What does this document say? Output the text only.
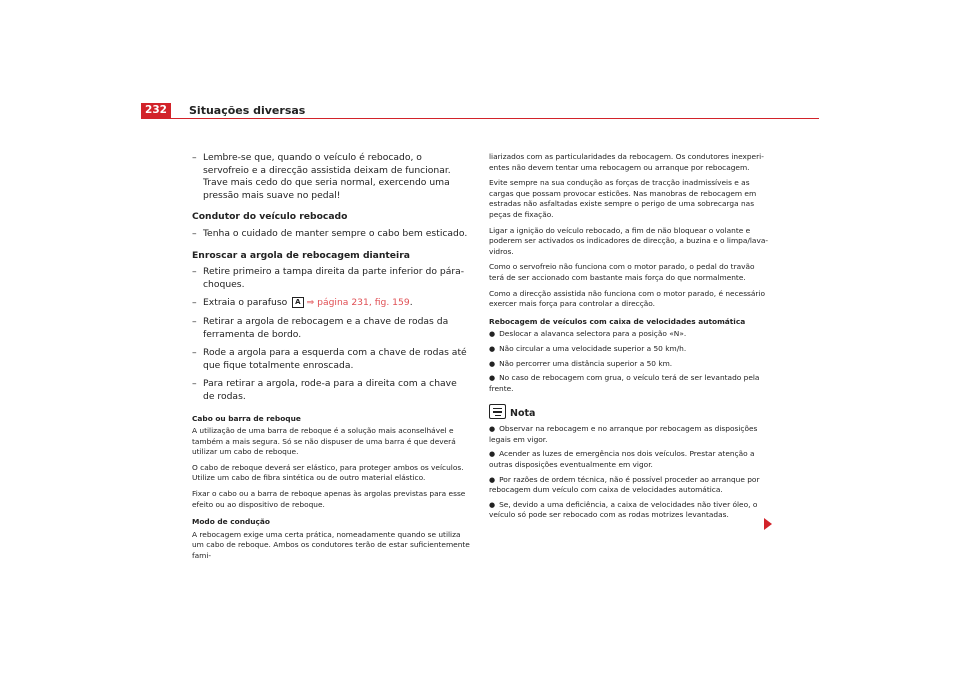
232	Situações diversas
– Lembre-se que, quando o veículo é rebocado, o servofreio e a direcção assistida deixam de funcionar. Trave mais cedo do que seria normal, exercendo uma pressão mais suave no pedal!
Condutor do veículo rebocado
– Tenha o cuidado de manter sempre o cabo bem esticado.
Enroscar a argola de rebocagem dianteira
– Retire primeiro a tampa direita da parte inferior do pára-choques.
– Extraia o parafuso A ⇒ página 231, fig. 159.
– Retirar a argola de rebocagem e a chave de rodas da ferramenta de bordo.
– Rode a argola para a esquerda com a chave de rodas até que fique totalmente enroscada.
– Para retirar a argola, rode-a para a direita com a chave de rodas.
Cabo ou barra de reboque
A utilização de uma barra de reboque é a solução mais aconselhável e também a mais segura. Só se não dispuser de uma barra é que deverá utilizar um cabo de reboque.
O cabo de reboque deverá ser elástico, para proteger ambos os veículos. Utilize um cabo de fibra sintética ou de outro material elástico.
Fixar o cabo ou a barra de reboque apenas às argolas previstas para esse efeito ou ao dispositivo de reboque.
Modo de condução
A rebocagem exige uma certa prática, nomeadamente quando se utiliza um cabo de reboque. Ambos os condutores terão de estar suficientemente fami-
liarizados com as particularidades da rebocagem. Os condutores inexperi-entes não devem tentar uma rebocagem ou arranque por rebocagem.
Evite sempre na sua condução as forças de tracção inadmissíveis e as cargas que possam provocar esticões. Nas manobras de rebocagem em estradas não asfaltadas existe sempre o perigo de uma sobrecarga nas peças de fixação.
Ligar a ignição do veículo rebocado, a fim de não bloquear o volante e poderem ser activados os indicadores de direcção, a buzina e o limpa/lava-vidros.
Como o servofreio não funciona com o motor parado, o pedal do travão terá de ser accionado com bastante mais força do que normalmente.
Como a direcção assistida não funciona com o motor parado, é necessário exercer mais força para controlar a direcção.
Rebocagem de veículos com caixa de velocidades automática
● Deslocar a alavanca selectora para a posição «N».
● Não circular a uma velocidade superior a 50 km/h.
● Não percorrer uma distância superior a 50 km.
● No caso de rebocagem com grua, o veículo terá de ser levantado pela frente.
Nota
● Observar na rebocagem e no arranque por rebocagem as disposições legais em vigor.
● Acender as luzes de emergência nos dois veículos. Prestar atenção a outras disposições eventualmente em vigor.
● Por razões de ordem técnica, não é possível proceder ao arranque por rebocagem dum veículo com caixa de velocidades automática.
● Se, devido a uma deficiência, a caixa de velocidades não tiver óleo, o veículo só pode ser rebocado com as rodas motrizes levantadas.
